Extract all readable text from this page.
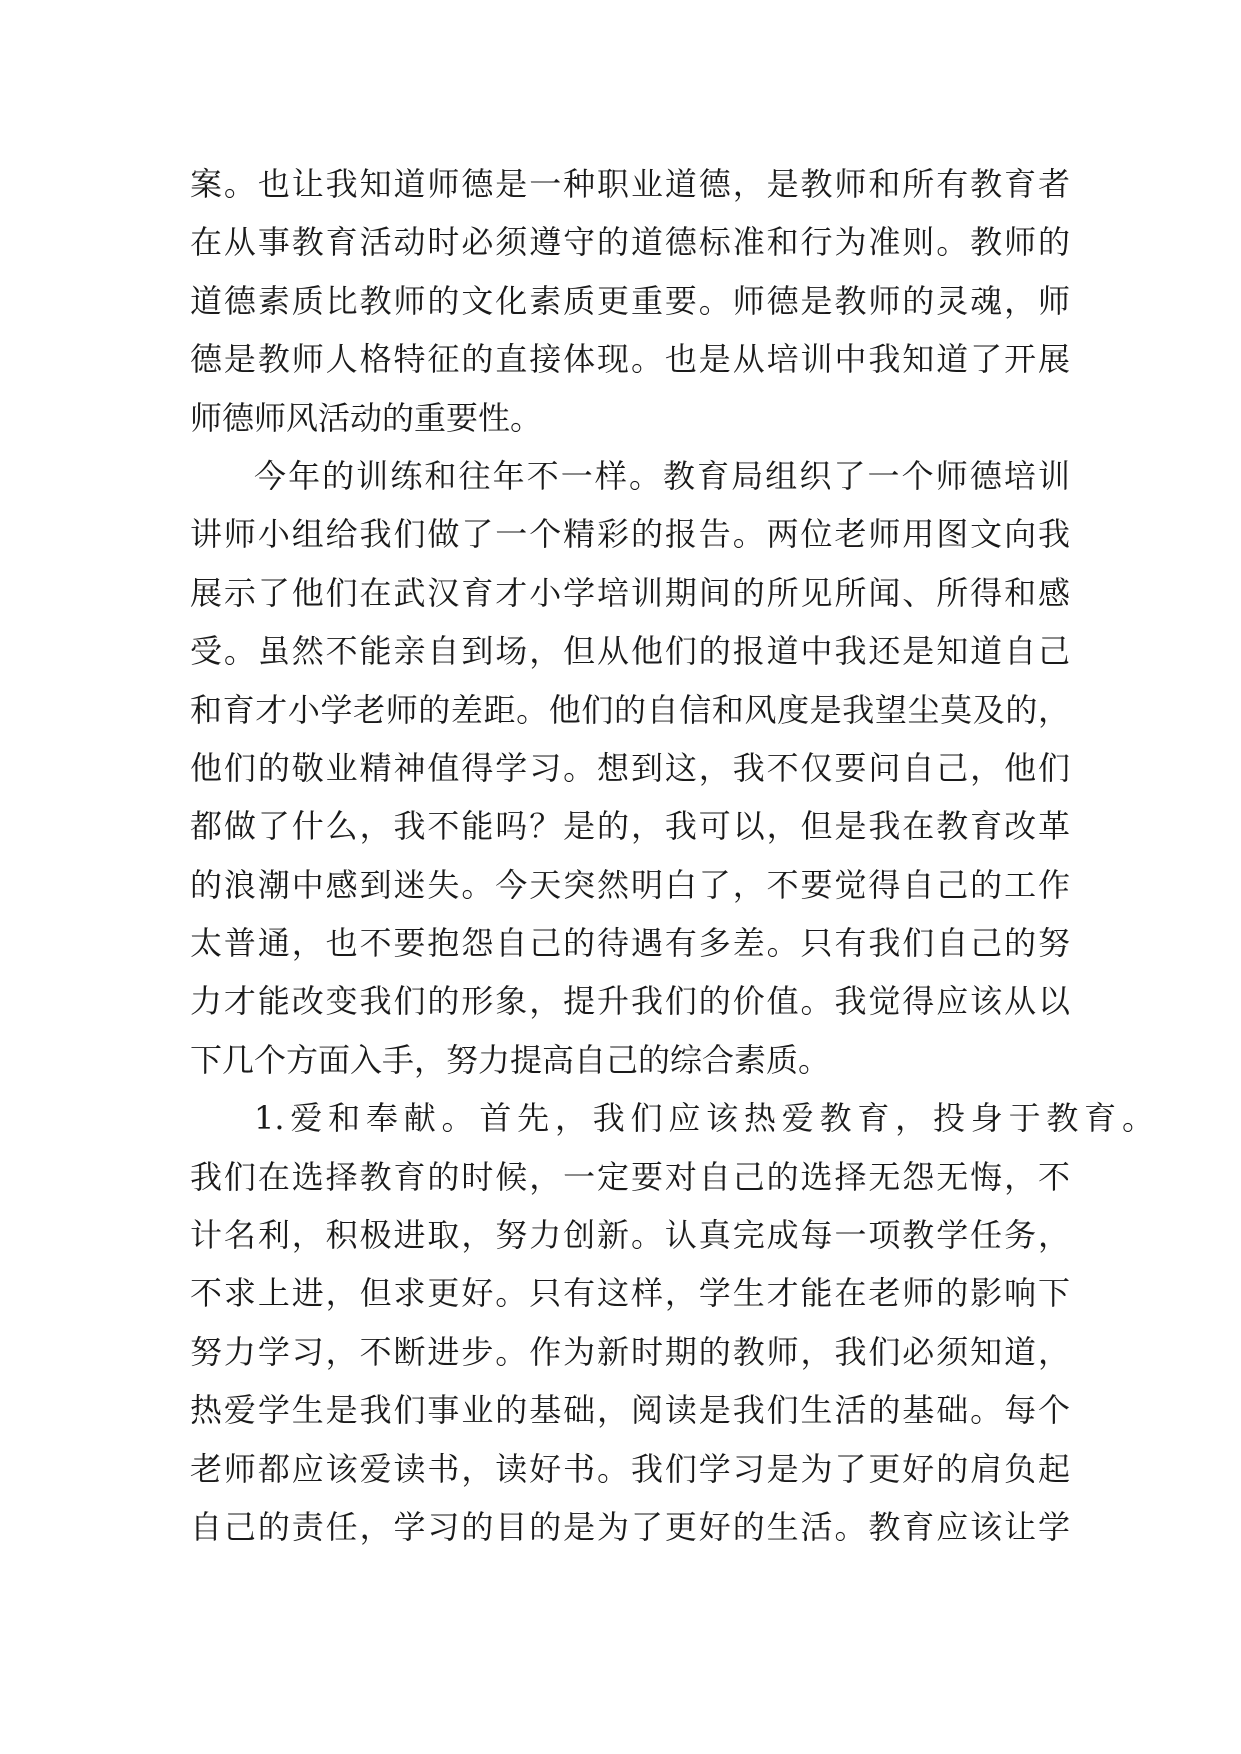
案。也让我知道师德是一种职业道德，是教师和所有教育者
在从事教育活动时必须遵守的道德标准和行为准则。教师的
道德素质比教师的文化素质更重要。师德是教师的灵魂，师
德是教师人格特征的直接体现。也是从培训中我知道了开展
师德师风活动的重要性。
今年的训练和往年不一样。教育局组织了一个师德培训
讲师小组给我们做了一个精彩的报告。两位老师用图文向我
展示了他们在武汉育才小学培训期间的所见所闻、所得和感
受。虽然不能亲自到场，但从他们的报道中我还是知道自己
和育才小学老师的差距。他们的自信和风度是我望尘莫及的，
他们的敬业精神值得学习。想到这，我不仅要问自己，他们
都做了什么，我不能吗？是的，我可以，但是我在教育改革
的浪潮中感到迷失。今天突然明白了，不要觉得自己的工作
太普通，也不要抱怨自己的待遇有多差。只有我们自己的努
力才能改变我们的形象，提升我们的价值。我觉得应该从以
下几个方面入手，努力提高自己的综合素质。
1.爱和奉献。首先，我们应该热爱教育，投身于教育。
我们在选择教育的时候，一定要对自己的选择无怨无悔，不
计名利，积极进取，努力创新。认真完成每一项教学任务，
不求上进，但求更好。只有这样，学生才能在老师的影响下
努力学习，不断进步。作为新时期的教师，我们必须知道，
热爱学生是我们事业的基础，阅读是我们生活的基础。每个
老师都应该爱读书，读好书。我们学习是为了更好的肩负起
自己的责任，学习的目的是为了更好的生活。教育应该让学
